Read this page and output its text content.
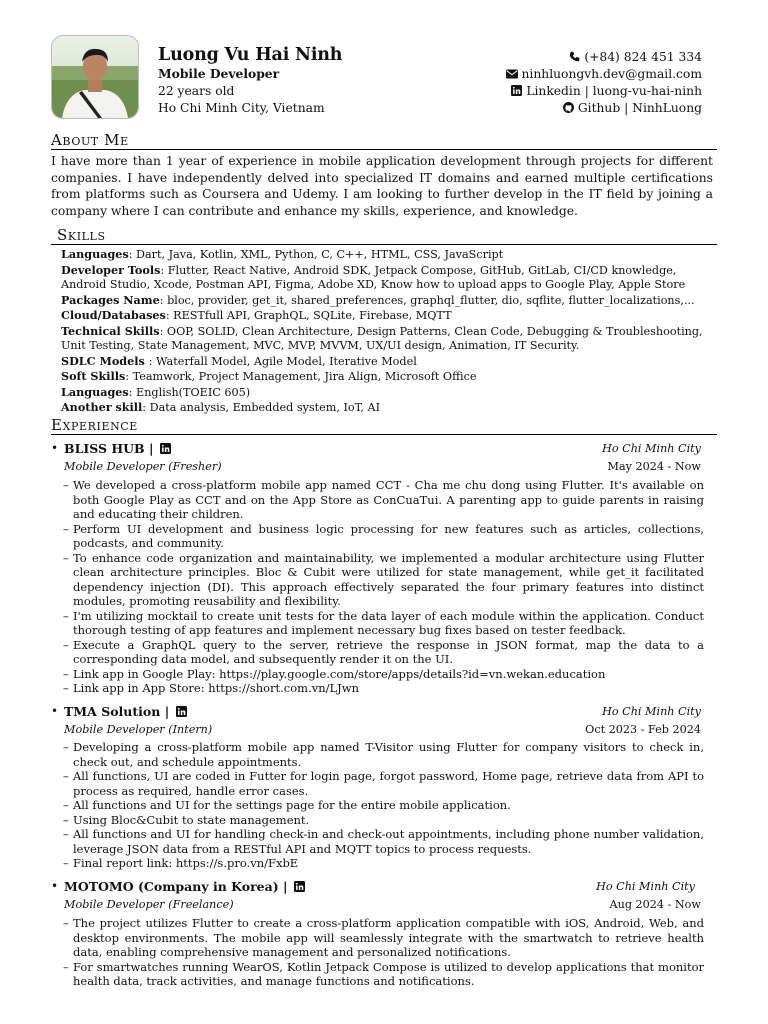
Luong Vu Hai Ninh
Mobile Developer
22 years old
Ho Chi Minh City, Vietnam
(+84) 824 451 334
ninhluongvh.dev@gmail.com
Linkedin | luong-vu-hai-ninh
Github | NinhLuong
About Me
I have more than 1 year of experience in mobile application development through projects for different companies. I have independently delved into specialized IT domains and earned multiple certifications from platforms such as Coursera and Udemy. I am looking to further develop in the IT field by joining a company where I can contribute and enhance my skills, experience, and knowledge.
Skills
Languages: Dart, Java, Kotlin, XML, Python, C, C++, HTML, CSS, JavaScript
Developer Tools: Flutter, React Native, Android SDK, Jetpack Compose, GitHub, GitLab, CI/CD knowledge, Android Studio, Xcode, Postman API, Figma, Adobe XD, Know how to upload apps to Google Play, Apple Store
Packages Name: bloc, provider, get_it, shared_preferences, graphql_flutter, dio, sqflite, flutter_localizations,...
Cloud/Databases: RESTfull API, GraphQL, SQLite, Firebase, MQTT
Technical Skills: OOP, SOLID, Clean Architecture, Design Patterns, Clean Code, Debugging & Troubleshooting, Unit Testing, State Management, MVC, MVP, MVVM, UX/UI design, Animation, IT Security.
SDLC Models : Waterfall Model, Agile Model, Iterative Model
Soft Skills: Teamwork, Project Management, Jira Align, Microsoft Office
Languages: English(TOEIC 605)
Another skill: Data analysis, Embedded system, IoT, AI
Experience
• BLISS HUB |	Ho Chi Minh City
Mobile Developer (Fresher)	May 2024 - Now
– We developed a cross-platform mobile app named CCT - Cha me chu dong using Flutter. It's available on both Google Play as CCT and on the App Store as ConCuaTui. A parenting app to guide parents in raising and educating their children.
– Perform UI development and business logic processing for new features such as articles, collections, podcasts, and community.
– To enhance code organization and maintainability, we implemented a modular architecture using Flutter clean architecture principles. Bloc & Cubit were utilized for state management, while get_it facilitated dependency injection (DI). This approach effectively separated the four primary features into distinct modules, promoting reusability and flexibility.
– I'm utilizing mocktail to create unit tests for the data layer of each module within the application. Conduct thorough testing of app features and implement necessary bug fixes based on tester feedback.
– Execute a GraphQL query to the server, retrieve the response in JSON format, map the data to a corresponding data model, and subsequently render it on the UI.
– Link app in Google Play: https://play.google.com/store/apps/details?id=vn.wekan.education
– Link app in App Store: https://short.com.vn/LJwn
• TMA Solution |	Ho Chi Minh City
Mobile Developer (Intern)	Oct 2023 - Feb 2024
– Developing a cross-platform mobile app named T-Visitor using Flutter for company visitors to check in, check out, and schedule appointments.
– All functions, UI are coded in Futter for login page, forgot password, Home page, retrieve data from API to process as required, handle error cases.
– All functions and UI for the settings page for the entire mobile application.
– Using Bloc&Cubit to state management.
– All functions and UI for handling check-in and check-out appointments, including phone number validation, leverage JSON data from a RESTful API and MQTT topics to process requests.
– Final report link: https://s.pro.vn/FxbE
• MOTOMO (Company in Korea) |	Ho Chi Minh City
Mobile Developer (Freelance)	Aug 2024 - Now
– The project utilizes Flutter to create a cross-platform application compatible with iOS, Android, Web, and desktop environments. The mobile app will seamlessly integrate with the smartwatch to retrieve health data, enabling comprehensive management and personalized notifications.
– For smartwatches running WearOS, Kotlin Jetpack Compose is utilized to develop applications that monitor health data, track activities, and manage functions and notifications.
